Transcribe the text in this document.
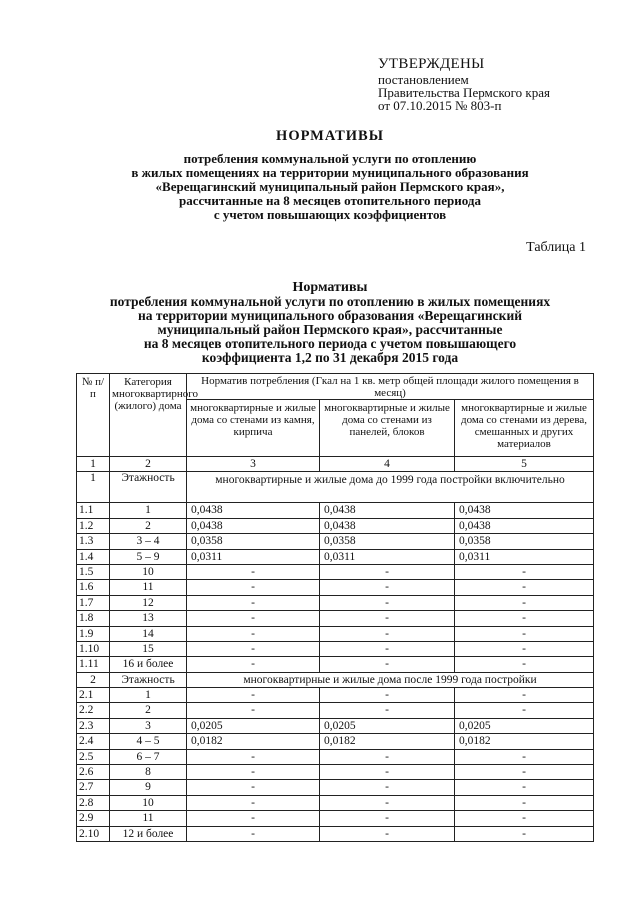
УТВЕРЖДЕНЫ
постановлением
Правительства Пермского края
от 07.10.2015 № 803-п
НОРМАТИВЫ
потребления коммунальной услуги по отоплению
в жилых помещениях на территории муниципального образования
«Верещагинский муниципальный район Пермского края»,
рассчитанные на 8 месяцев отопительного периода
с учетом повышающих коэффициентов
Таблица 1
Нормативы
потребления коммунальной услуги по отоплению в жилых помещениях
на территории муниципального образования «Верещагинский
муниципальный район Пермского края», рассчитанные
на 8 месяцев отопительного периода с учетом повышающего
коэффициента 1,2 по 31 декабря 2015 года
№ п/п	Категория многоквартирного (жилого) дома	Норматив потребления (Гкал на 1 кв. метр общей площади жилого помещения в месяц)		
		многоквартирные и жилые дома со стенами из камня, кирпича	многоквартирные и жилые дома со стенами из панелей, блоков	многоквартирные и жилые дома со стенами из дерева, смешанных и других материалов
1	2	3	4	5
1	Этажность	многоквартирные и жилые дома до 1999 года постройки включительно		
1.1	1	0,0438	0,0438	0,0438
1.2	2	0,0438	0,0438	0,0438
1.3	3 – 4	0,0358	0,0358	0,0358
1.4	5 – 9	0,0311	0,0311	0,0311
1.5	10	-	-	-
1.6	11	-	-	-
1.7	12	-	-	-
1.8	13	-	-	-
1.9	14	-	-	-
1.10	15	-	-	-
1.11	16 и более	-	-	-
2	Этажность	многоквартирные и жилые дома после 1999 года постройки		
2.1	1	-	-	-
2.2	2	-	-	-
2.3	3	0,0205	0,0205	0,0205
2.4	4 – 5	0,0182	0,0182	0,0182
2.5	6 – 7	-	-	-
2.6	8	-	-	-
2.7	9	-	-	-
2.8	10	-	-	-
2.9	11	-	-	-
2.10	12 и более	-	-	-
